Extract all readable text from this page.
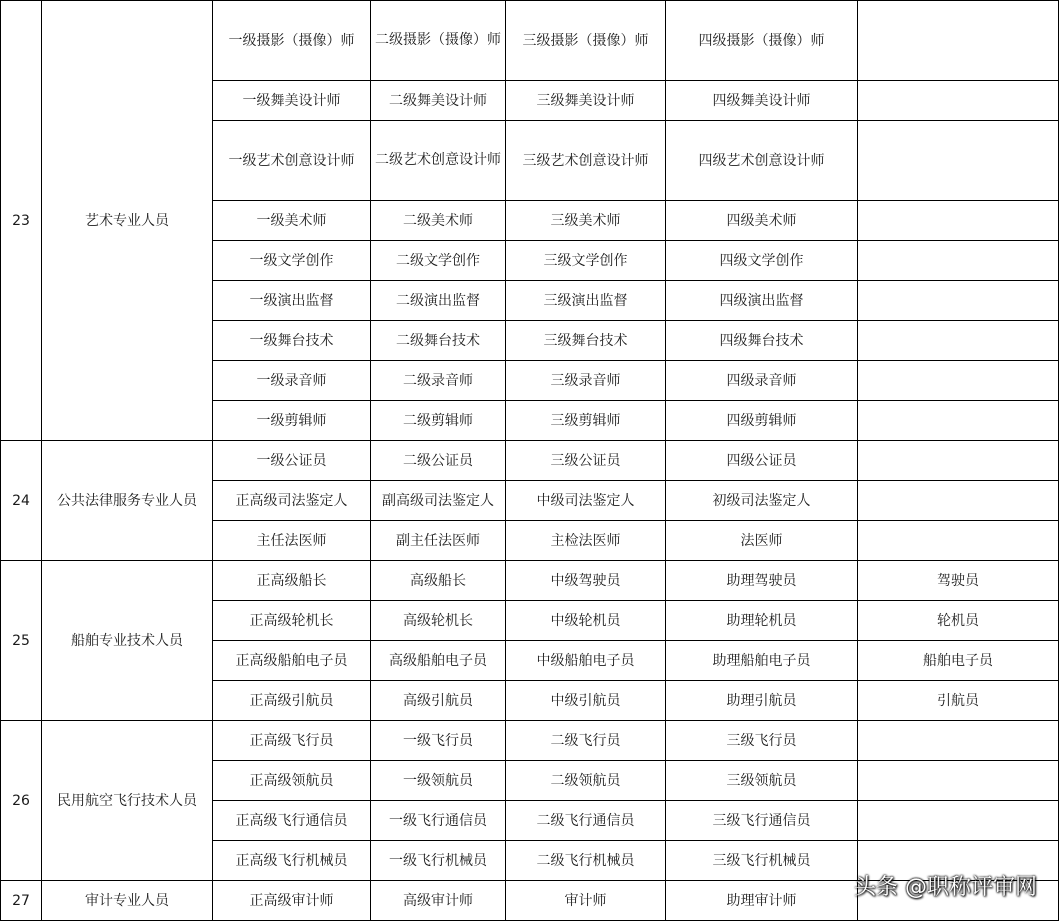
23	艺术专业人员	一级摄影（摄像）师	二级摄影（摄像）师	三级摄影（摄像）师	四级摄影（摄像）师	
		一级舞美设计师	二级舞美设计师	三级舞美设计师	四级舞美设计师	
		一级艺术创意设计师	二级艺术创意设计师	三级艺术创意设计师	四级艺术创意设计师	
		一级美术师	二级美术师	三级美术师	四级美术师	
		一级文学创作	二级文学创作	三级文学创作	四级文学创作	
		一级演出监督	二级演出监督	三级演出监督	四级演出监督	
		一级舞台技术	二级舞台技术	三级舞台技术	四级舞台技术	
		一级录音师	二级录音师	三级录音师	四级录音师	
		一级剪辑师	二级剪辑师	三级剪辑师	四级剪辑师	
24	公共法律服务专业人员	一级公证员	二级公证员	三级公证员	四级公证员	
		正高级司法鉴定人	副高级司法鉴定人	中级司法鉴定人	初级司法鉴定人	
		主任法医师	副主任法医师	主检法医师	法医师	
25	船舶专业技术人员	正高级船长	高级船长	中级驾驶员	助理驾驶员	驾驶员
		正高级轮机长	高级轮机长	中级轮机员	助理轮机员	轮机员
		正高级船舶电子员	高级船舶电子员	中级船舶电子员	助理船舶电子员	船舶电子员
		正高级引航员	高级引航员	中级引航员	助理引航员	引航员
26	民用航空飞行技术人员	正高级飞行员	一级飞行员	二级飞行员	三级飞行员	
		正高级领航员	一级领航员	二级领航员	三级领航员	
		正高级飞行通信员	一级飞行通信员	二级飞行通信员	三级飞行通信员	
		正高级飞行机械员	一级飞行机械员	二级飞行机械员	三级飞行机械员	
27	审计专业人员	正高级审计师	高级审计师	审计师	助理审计师	
头条 @职称评审网
